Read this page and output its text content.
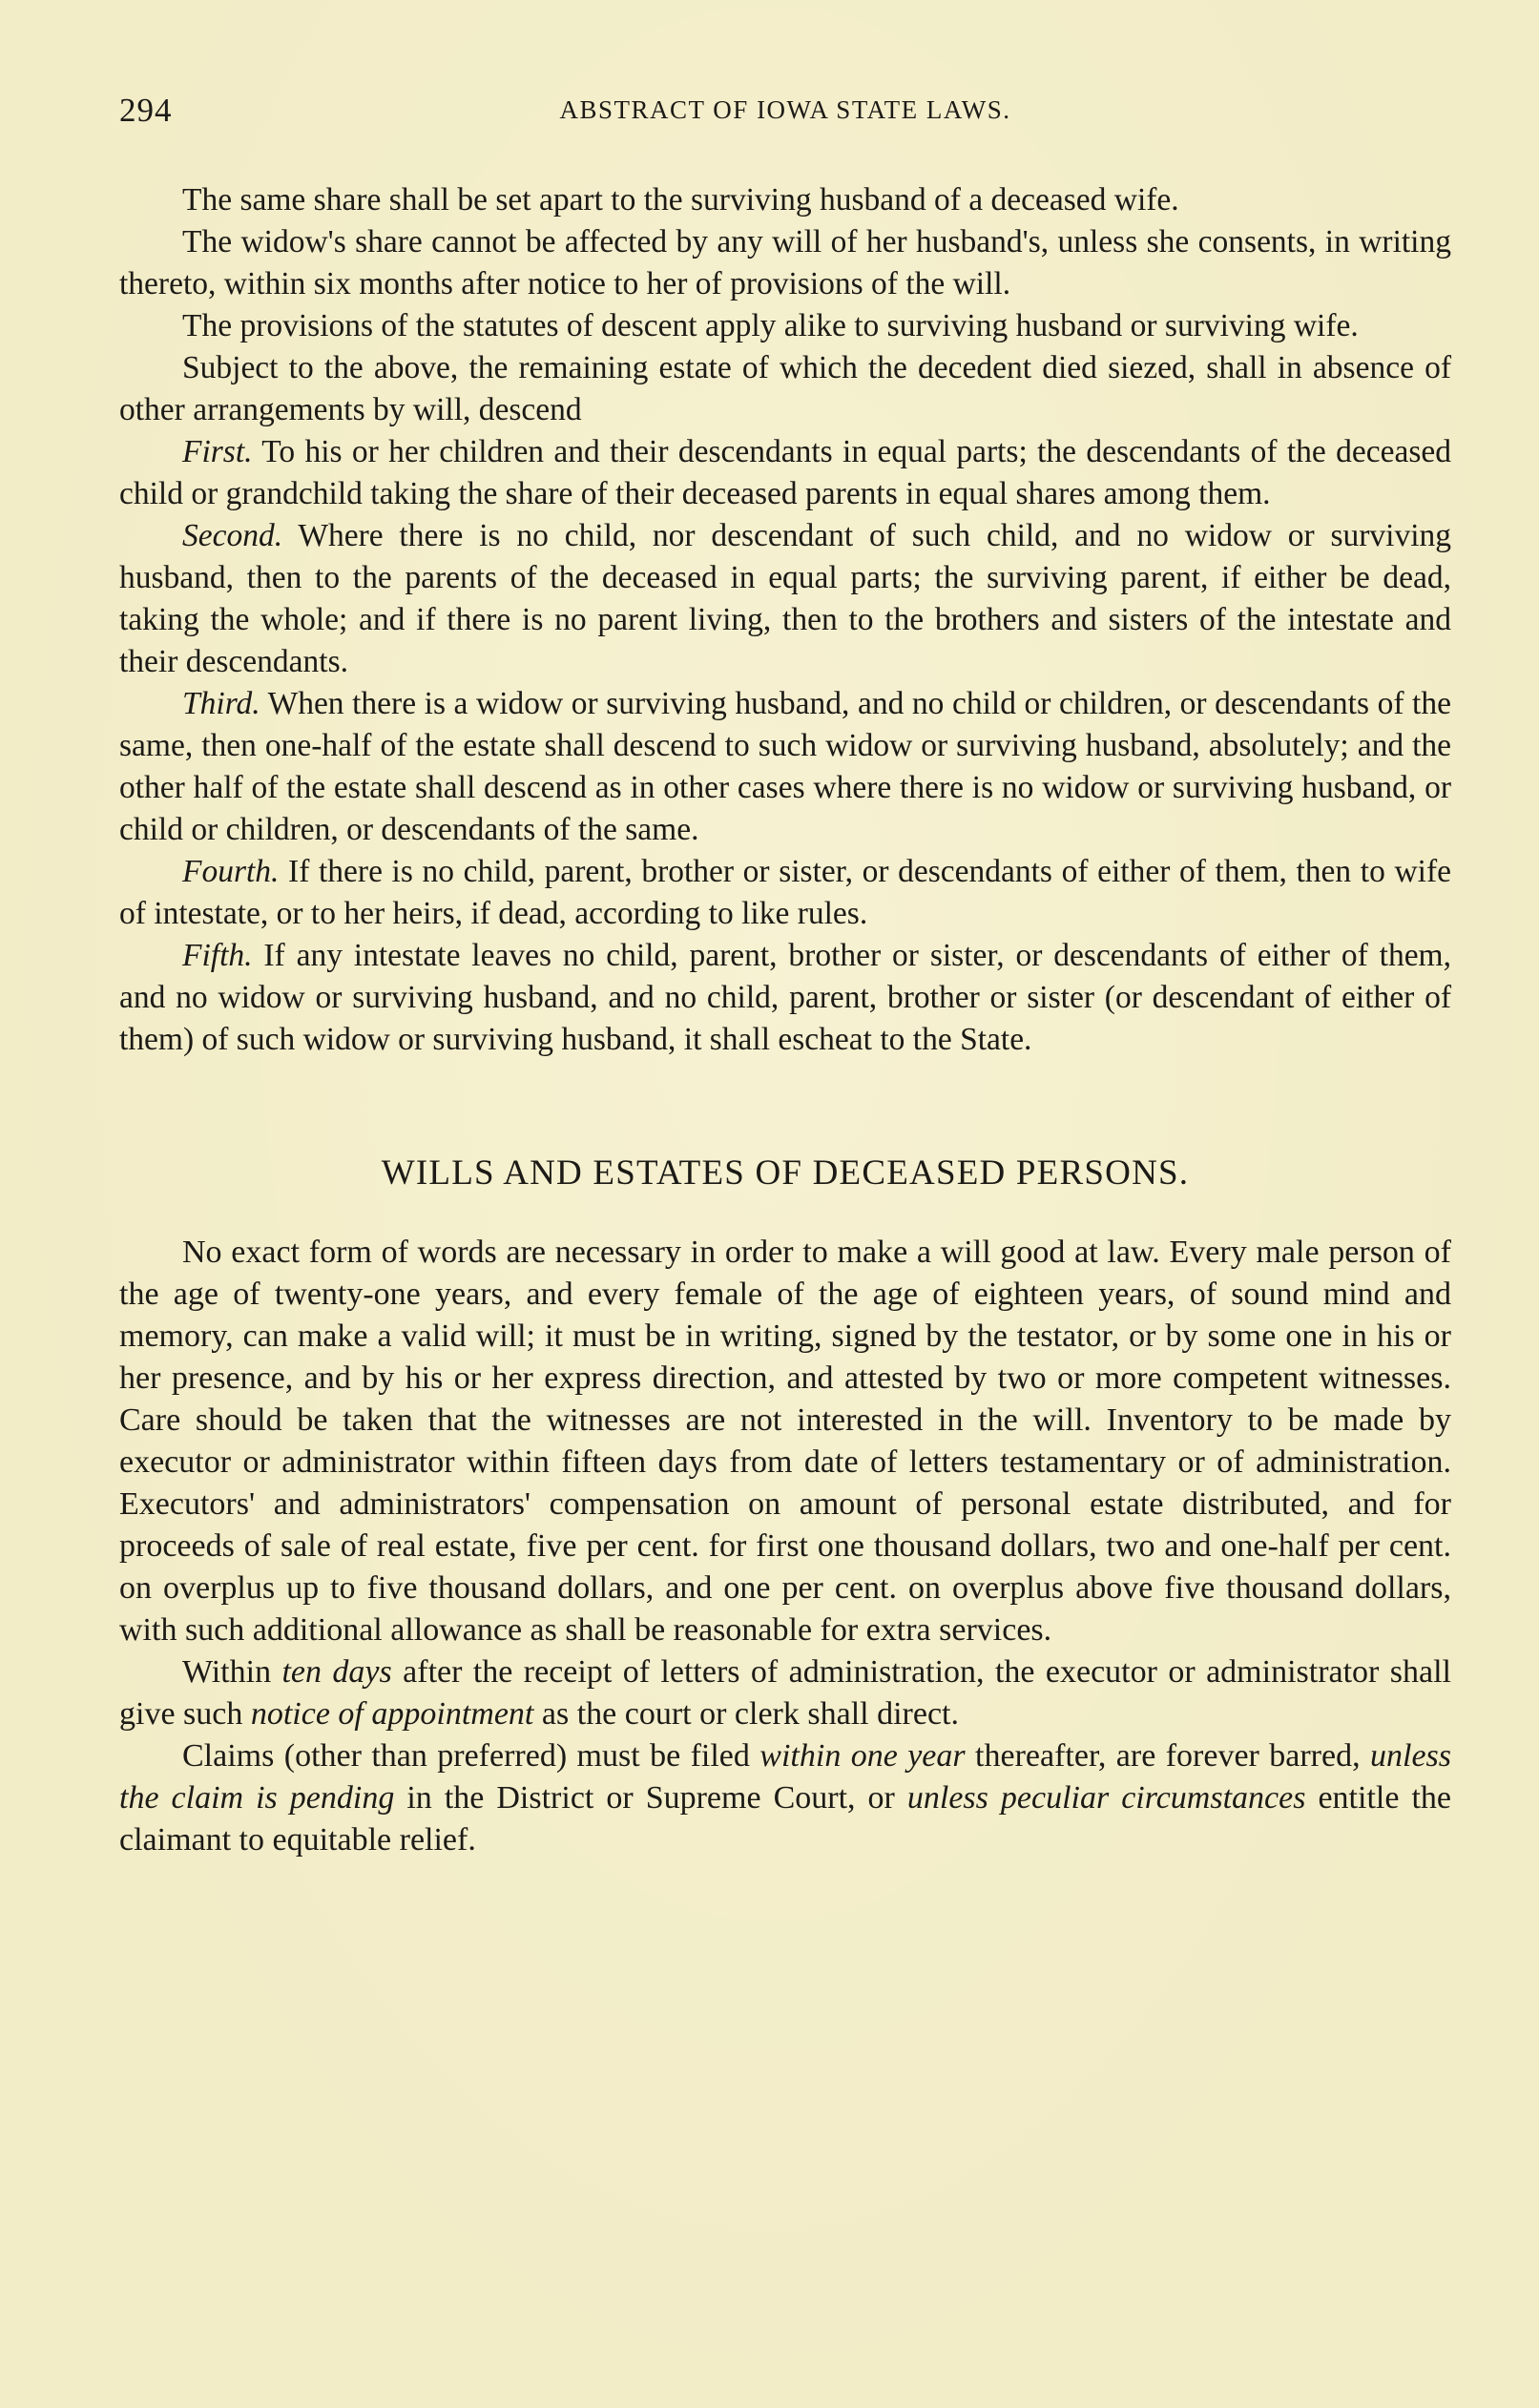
294	ABSTRACT OF IOWA STATE LAWS.

The same share shall be set apart to the surviving husband of a deceased wife.

The widow's share cannot be affected by any will of her husband's, unless she consents, in writing thereto, within six months after notice to her of provisions of the will.

The provisions of the statutes of descent apply alike to surviving husband or surviving wife.

Subject to the above, the remaining estate of which the decedent died siezed, shall in absence of other arrangements by will, descend

First. To his or her children and their descendants in equal parts; the descendants of the deceased child or grandchild taking the share of their deceased parents in equal shares among them.

Second. Where there is no child, nor descendant of such child, and no widow or surviving husband, then to the parents of the deceased in equal parts; the surviving parent, if either be dead, taking the whole; and if there is no parent living, then to the brothers and sisters of the intestate and their descendants.

Third. When there is a widow or surviving husband, and no child or children, or descendants of the same, then one-half of the estate shall descend to such widow or surviving husband, absolutely; and the other half of the estate shall descend as in other cases where there is no widow or surviving husband, or child or children, or descendants of the same.

Fourth. If there is no child, parent, brother or sister, or descendants of either of them, then to wife of intestate, or to her heirs, if dead, according to like rules.

Fifth. If any intestate leaves no child, parent, brother or sister, or descendants of either of them, and no widow or surviving husband, and no child, parent, brother or sister (or descendant of either of them) of such widow or surviving husband, it shall escheat to the State.

WILLS AND ESTATES OF DECEASED PERSONS.

No exact form of words are necessary in order to make a will good at law. Every male person of the age of twenty-one years, and every female of the age of eighteen years, of sound mind and memory, can make a valid will; it must be in writing, signed by the testator, or by some one in his or her presence, and by his or her express direction, and attested by two or more competent witnesses. Care should be taken that the witnesses are not interested in the will. Inventory to be made by executor or administrator within fifteen days from date of letters testamentary or of administration. Executors' and administrators' compensation on amount of personal estate distributed, and for proceeds of sale of real estate, five per cent. for first one thousand dollars, two and one-half per cent. on overplus up to five thousand dollars, and one per cent. on overplus above five thousand dollars, with such additional allowance as shall be reasonable for extra services.

Within ten days after the receipt of letters of administration, the executor or administrator shall give such notice of appointment as the court or clerk shall direct.

Claims (other than preferred) must be filed within one year thereafter, are forever barred, unless the claim is pending in the District or Supreme Court, or unless peculiar circumstances entitle the claimant to equitable relief.
